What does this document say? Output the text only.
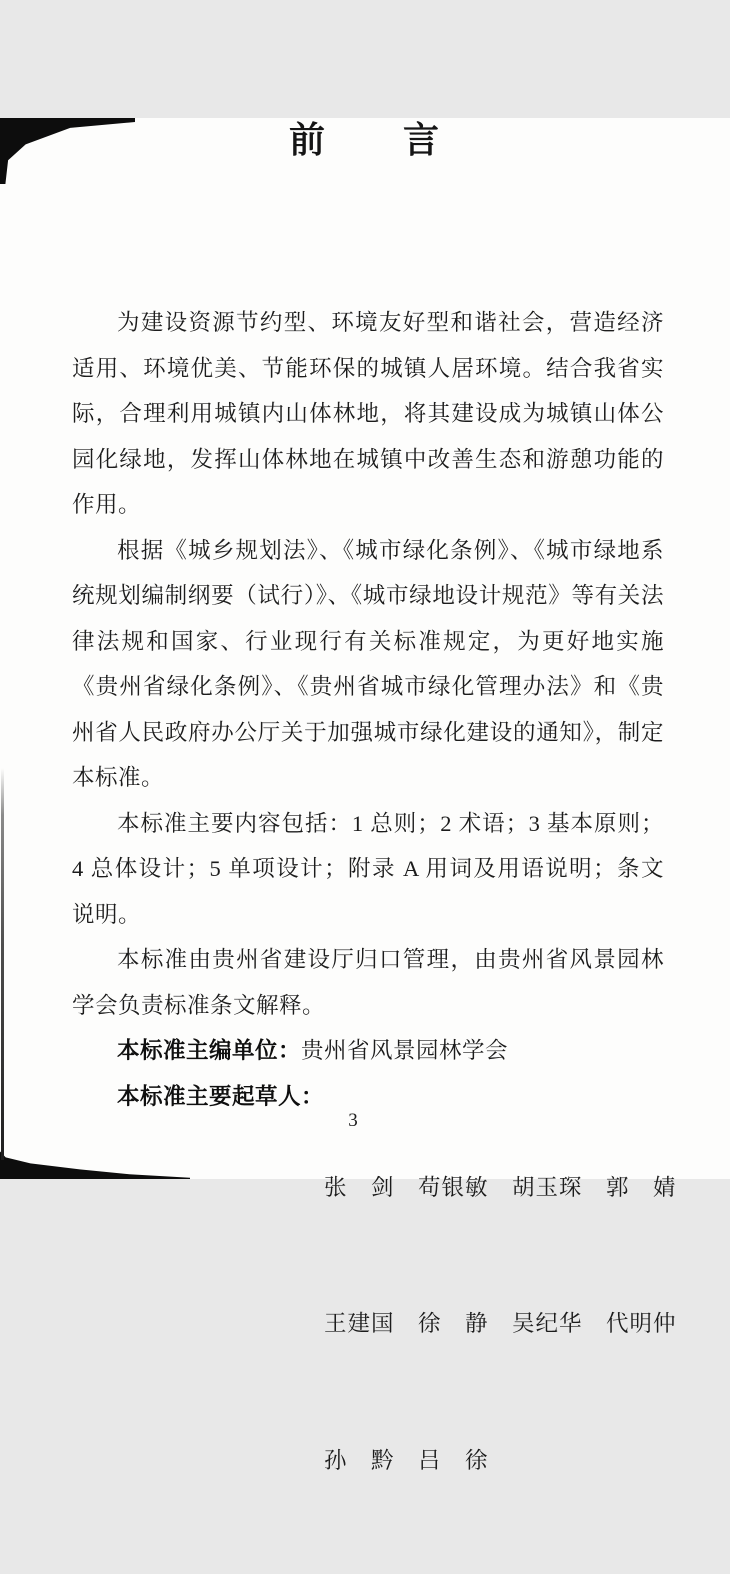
前　　言

为建设资源节约型、环境友好型和谐社会，营造经济适用、环境优美、节能环保的城镇人居环境。结合我省实际，合理利用城镇内山体林地，将其建设成为城镇山体公园化绿地，发挥山体林地在城镇中改善生态和游憩功能的作用。

根据《城乡规划法》、《城市绿化条例》、《城市绿地系统规划编制纲要（试行）》、《城市绿地设计规范》等有关法律法规和国家、行业现行有关标准规定，为更好地实施《贵州省绿化条例》、《贵州省城市绿化管理办法》和《贵州省人民政府办公厅关于加强城市绿化建设的通知》，制定本标准。

本标准主要内容包括：1 总则；2 术语；3 基本原则；4 总体设计；5 单项设计；附录 A 用词及用语说明；条文说明。

本标准由贵州省建设厅归口管理，由贵州省风景园林学会负责标准条文解释。

本标准主编单位： 贵州省风景园林学会
本标准主要起草人：

张　剑　苟银敏　胡玉琛　郭　婧

王建国　徐　静　吴纪华　代明仲

孙　黔　吕　徐

3
